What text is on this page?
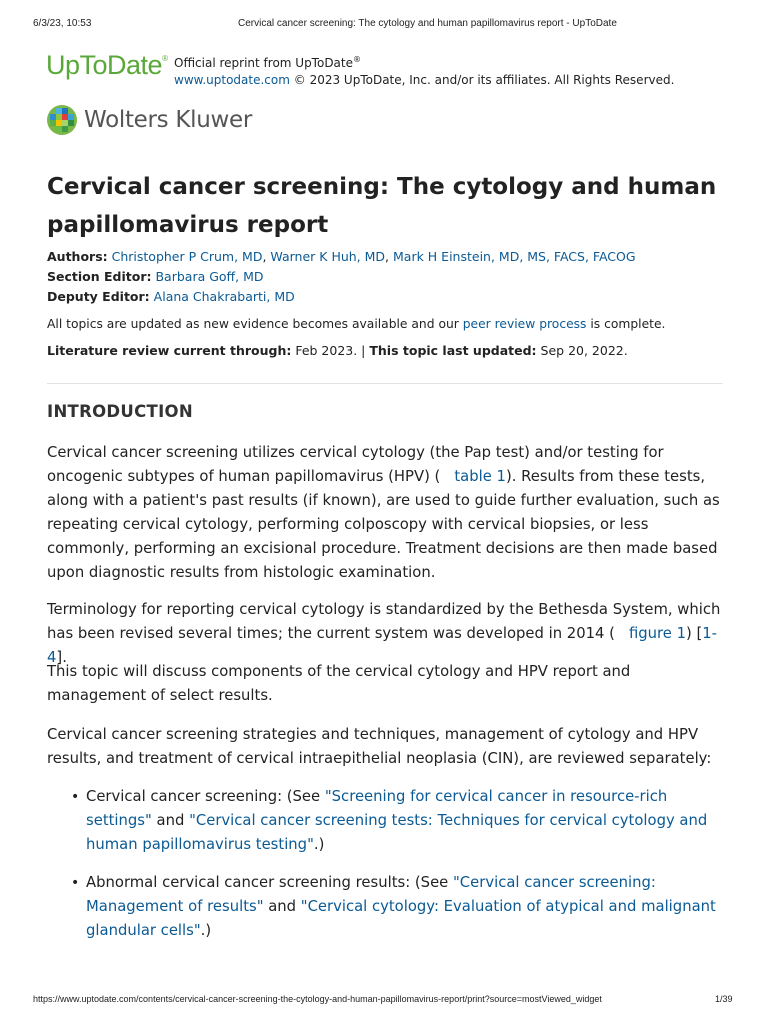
6/3/23, 10:53	Cervical cancer screening: The cytology and human papillomavirus report - UpToDate
UpToDate® Official reprint from UpToDate®
www.uptodate.com © 2023 UpToDate, Inc. and/or its affiliates. All Rights Reserved.
Wolters Kluwer
Cervical cancer screening: The cytology and human papillomavirus report
Authors: Christopher P Crum, MD, Warner K Huh, MD, Mark H Einstein, MD, MS, FACS, FACOG
Section Editor: Barbara Goff, MD
Deputy Editor: Alana Chakrabarti, MD
All topics are updated as new evidence becomes available and our peer review process is complete.
Literature review current through: Feb 2023. | This topic last updated: Sep 20, 2022.
INTRODUCTION
Cervical cancer screening utilizes cervical cytology (the Pap test) and/or testing for oncogenic subtypes of human papillomavirus (HPV) ( table 1). Results from these tests, along with a patient's past results (if known), are used to guide further evaluation, such as repeating cervical cytology, performing colposcopy with cervical biopsies, or less commonly, performing an excisional procedure. Treatment decisions are then made based upon diagnostic results from histologic examination.
Terminology for reporting cervical cytology is standardized by the Bethesda System, which has been revised several times; the current system was developed in 2014 ( figure 1) [1-4].
This topic will discuss components of the cervical cytology and HPV report and management of select results.
Cervical cancer screening strategies and techniques, management of cytology and HPV results, and treatment of cervical intraepithelial neoplasia (CIN), are reviewed separately:
• Cervical cancer screening: (See "Screening for cervical cancer in resource-rich settings" and "Cervical cancer screening tests: Techniques for cervical cytology and human papillomavirus testing".)
• Abnormal cervical cancer screening results: (See "Cervical cancer screening: Management of results" and "Cervical cytology: Evaluation of atypical and malignant glandular cells".)
https://www.uptodate.com/contents/cervical-cancer-screening-the-cytology-and-human-papillomavirus-report/print?source=mostViewed_widget	1/39
